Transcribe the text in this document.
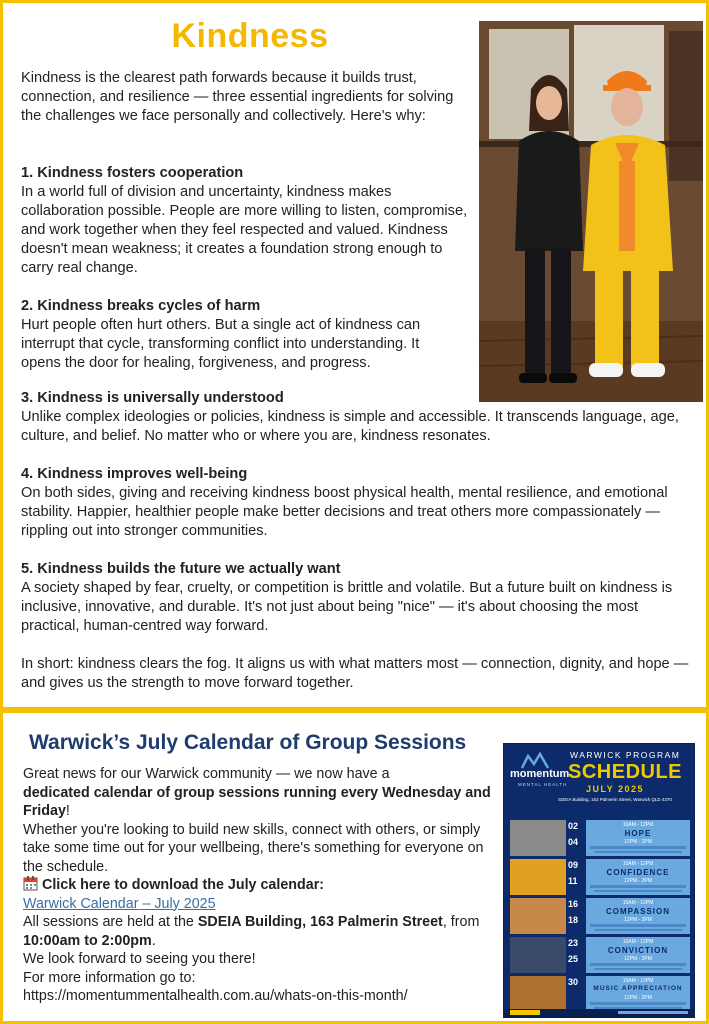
Kindness
Kindness is the clearest path forwards because it builds trust, connection, and resilience — three essential ingredients for solving the challenges we face personally and collectively. Here's why:
1. Kindness fosters cooperation

In a world full of division and uncertainty, kindness makes collaboration possible. People are more willing to listen, compromise, and work together when they feel respected and valued. Kindness doesn't mean weakness; it creates a foundation strong enough to carry real change.

2. Kindness breaks cycles of harm

Hurt people often hurt others. But a single act of kindness can interrupt that cycle, transforming conflict into understanding. It opens the door for healing, forgiveness, and progress.

3. Kindness is universally understood

Unlike complex ideologies or policies, kindness is simple and accessible. It transcends language, age, culture, and belief. No matter who or where you are, kindness resonates.

4. Kindness improves well-being

On both sides, giving and receiving kindness boost physical health, mental resilience, and emotional stability. Happier, healthier people make better decisions and treat others more compassionately — rippling out into stronger communities.

5. Kindness builds the future we actually want

A society shaped by fear, cruelty, or competition is brittle and volatile. But a future built on kindness is inclusive, innovative, and durable. It's not just about being "nice" — it's about choosing the most practical, human-centred way forward.

In short: kindness clears the fog. It aligns us with what matters most — connection, dignity, and hope — and gives us the strength to move forward together.
Warwick’s July Calendar of Group Sessions
Great news for our Warwick community — we now have a
dedicated calendar of group sessions running every Wednesday and Friday!
Whether you're looking to build new skills, connect with others, or simply take some time out for your wellbeing, there's something for everyone on the schedule.
Click here to download the July calendar:
Warwick Calendar – July 2025
All sessions are held at the SDEIA Building, 163 Palmerin Street, from 10:00am to 2:00pm.
We look forward to seeing you there!
For more information go to:
https://momentummentalhealth.com.au/whats-on-this-month/
momentum
MENTAL HEALTH
WARWICK PROGRAM
SCHEDULE
JULY 2025
SDEIA Building, 163 Palmerin Street, Warwick QLD 4370
02
04
10AM - 12PM
HOPE
12PM - 2PM
09
11
10AM - 12PM
CONFIDENCE
12PM - 2PM
16
18
10AM - 12PM
COMPASSION
12PM - 2PM
23
25
10AM - 12PM
CONVICTION
12PM - 2PM
30	10AM - 12PM
MUSIC APPRECIATION
12PM - 2PM
